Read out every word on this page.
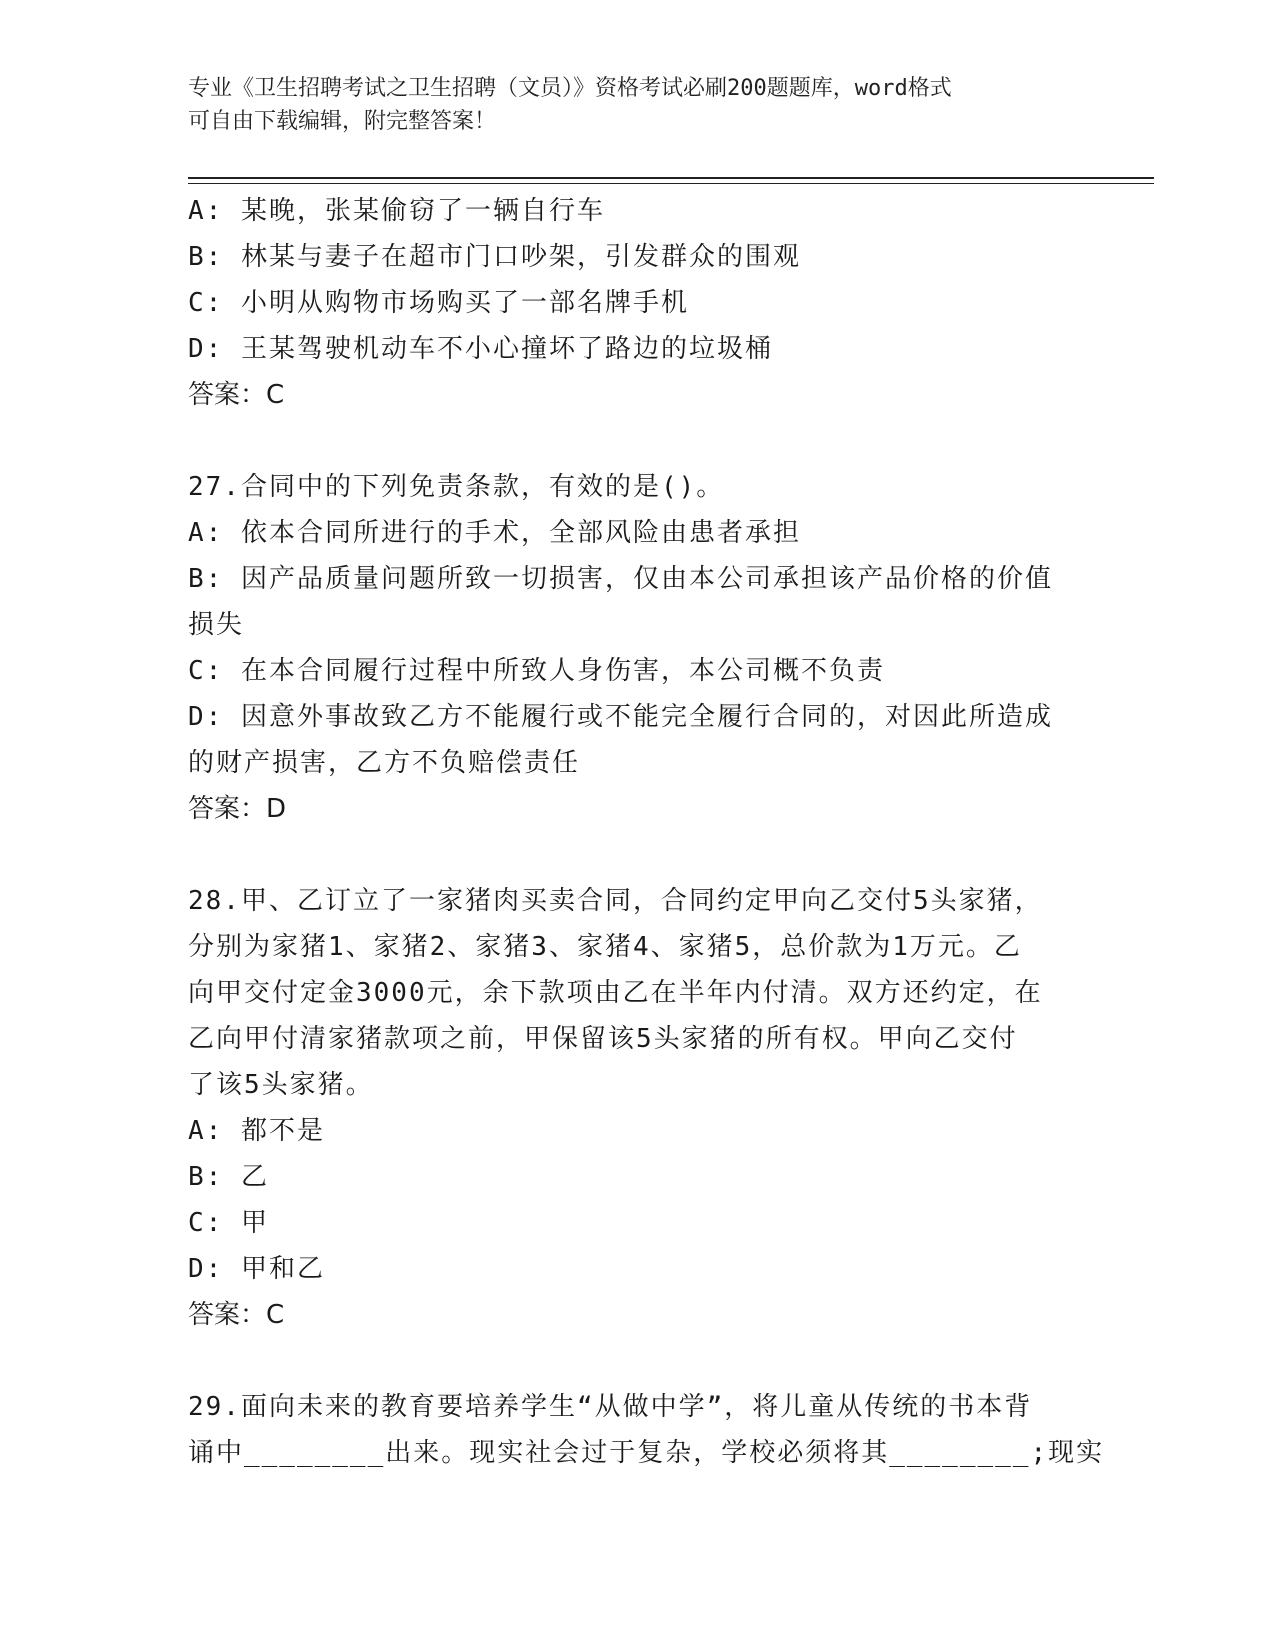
专业《卫生招聘考试之卫生招聘（文员）》资格考试必刷200题题库，word格式
可自由下载编辑，附完整答案！
A: 某晚，张某偷窃了一辆自行车
B: 林某与妻子在超市门口吵架，引发群众的围观
C: 小明从购物市场购买了一部名牌手机
D: 王某驾驶机动车不小心撞坏了路边的垃圾桶
答案：C
27.合同中的下列免责条款，有效的是()。
A: 依本合同所进行的手术，全部风险由患者承担
B: 因产品质量问题所致一切损害，仅由本公司承担该产品价格的价值
损失
C: 在本合同履行过程中所致人身伤害，本公司概不负责
D: 因意外事故致乙方不能履行或不能完全履行合同的，对因此所造成
的财产损害，乙方不负赔偿责任
答案：D
28.甲、乙订立了一家猪肉买卖合同，合同约定甲向乙交付5头家猪，
分别为家猪1、家猪2、家猪3、家猪4、家猪5，总价款为1万元。乙
向甲交付定金3000元，余下款项由乙在半年内付清。双方还约定，在
乙向甲付清家猪款项之前，甲保留该5头家猪的所有权。甲向乙交付
了该5头家猪。
A: 都不是
B: 乙
C: 甲
D: 甲和乙
答案：C
29.面向未来的教育要培养学生“从做中学”，将儿童从传统的书本背
诵中________出来。现实社会过于复杂，学校必须将其________;现实
